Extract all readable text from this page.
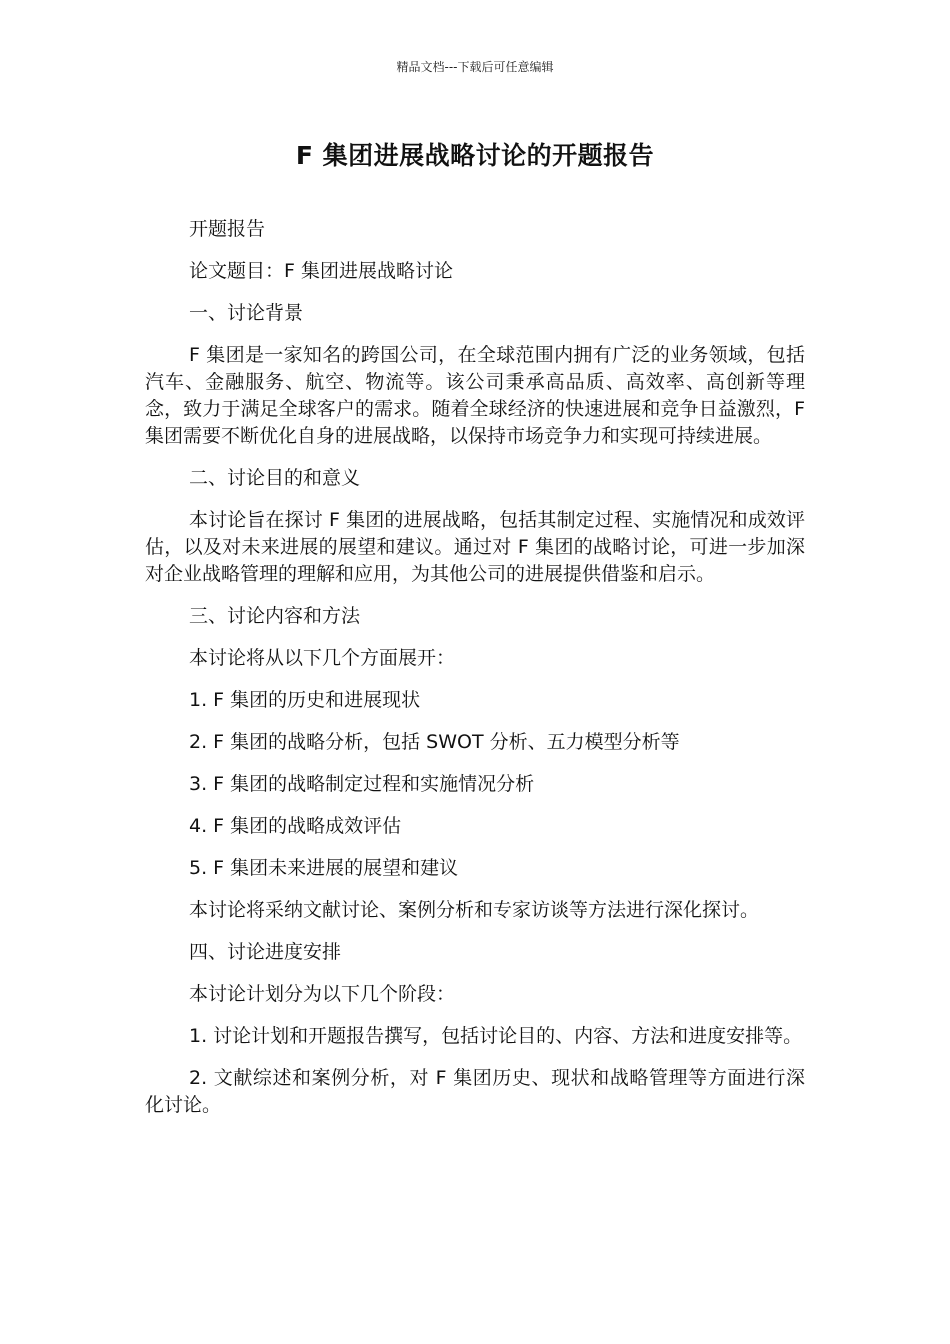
精品文档---下载后可任意编辑
F 集团进展战略讨论的开题报告

开题报告

论文题目：F 集团进展战略讨论

一、讨论背景

F 集团是一家知名的跨国公司，在全球范围内拥有广泛的业务领域，包括汽车、金融服务、航空、物流等。该公司秉承高品质、高效率、高创新等理念，致力于满足全球客户的需求。随着全球经济的快速进展和竞争日益激烈，F 集团需要不断优化自身的进展战略，以保持市场竞争力和实现可持续进展。

二、讨论目的和意义

本讨论旨在探讨 F 集团的进展战略，包括其制定过程、实施情况和成效评估，以及对未来进展的展望和建议。通过对 F 集团的战略讨论，可进一步加深对企业战略管理的理解和应用，为其他公司的进展提供借鉴和启示。

三、讨论内容和方法

本讨论将从以下几个方面展开：

1. F 集团的历史和进展现状

2. F 集团的战略分析，包括 SWOT 分析、五力模型分析等

3. F 集团的战略制定过程和实施情况分析

4. F 集团的战略成效评估

5. F 集团未来进展的展望和建议

本讨论将采纳文献讨论、案例分析和专家访谈等方法进行深化探讨。

四、讨论进度安排

本讨论计划分为以下几个阶段：

1. 讨论计划和开题报告撰写，包括讨论目的、内容、方法和进度安排等。

2. 文献综述和案例分析，对 F 集团历史、现状和战略管理等方面进行深化讨论。
